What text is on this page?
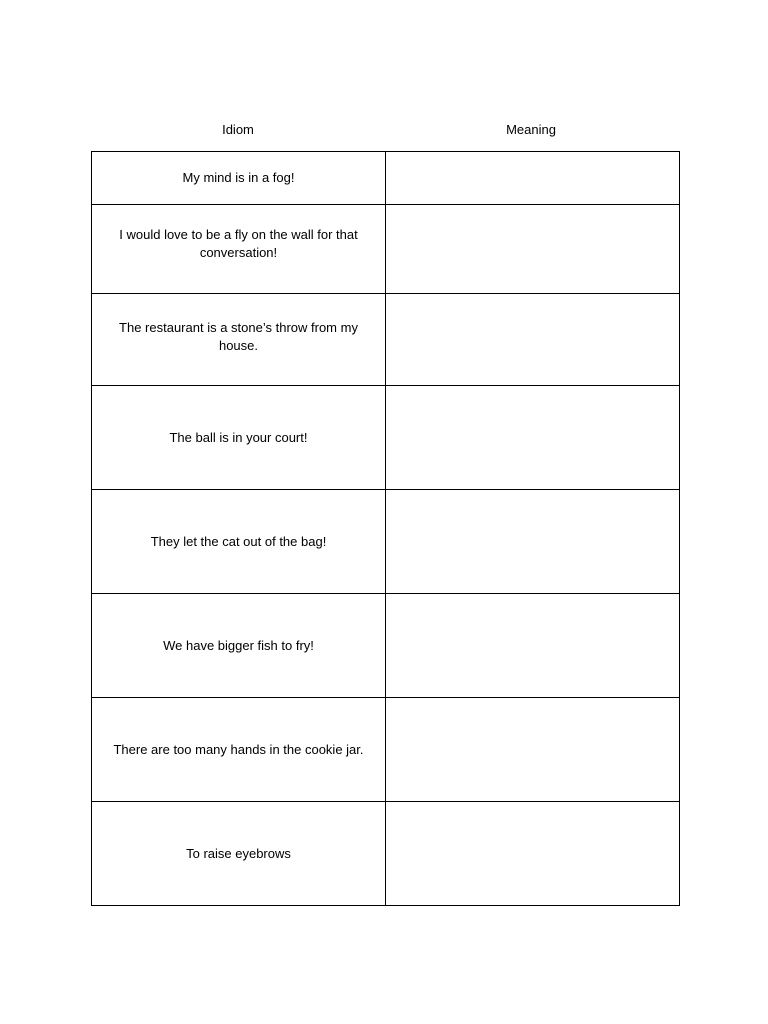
Idiom	Meaning
My mind is in a fog!	
I would love to be a fly on the wall for that conversation!	
The restaurant is a stone’s throw from my house.	
The ball is in your court!	
They let the cat out of the bag!	
We have bigger fish to fry!	
There are too many hands in the cookie jar.	
To raise eyebrows	
